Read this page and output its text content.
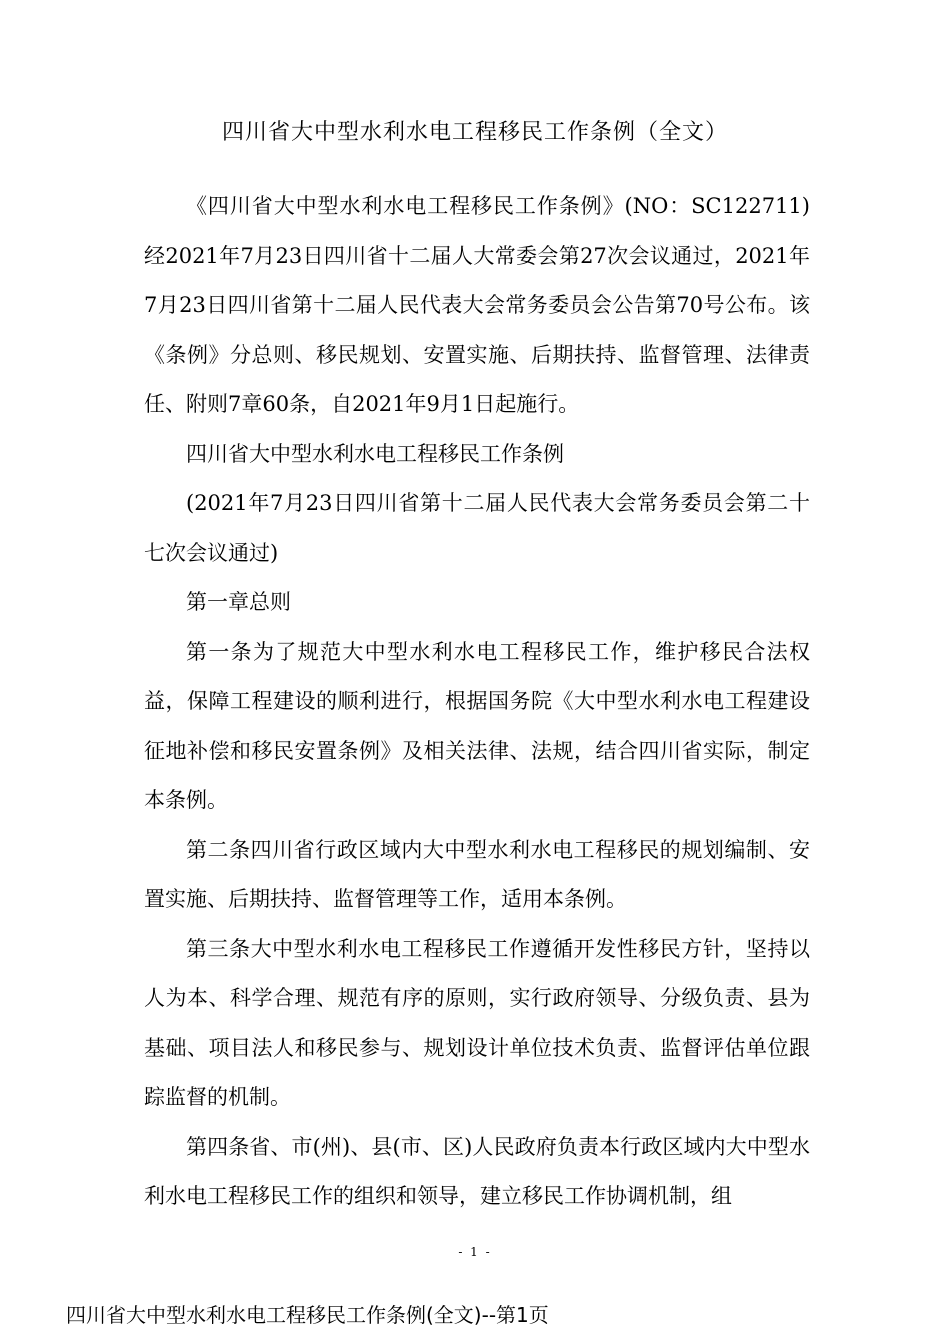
四川省大中型水利水电工程移民工作条例（全文）

《四川省大中型水利水电工程移民工作条例》(NO：SC122711)经2021年7月23日四川省十二届人大常委会第27次会议通过，2021年7月23日四川省第十二届人民代表大会常务委员会公告第70号公布。该《条例》分总则、移民规划、安置实施、后期扶持、监督管理、法律责任、附则7章60条，自2021年9月1日起施行。

四川省大中型水利水电工程移民工作条例

(2021年7月23日四川省第十二届人民代表大会常务委员会第二十七次会议通过)

第一章总则

第一条为了规范大中型水利水电工程移民工作，维护移民合法权益，保障工程建设的顺利进行，根据国务院《大中型水利水电工程建设征地补偿和移民安置条例》及相关法律、法规，结合四川省实际，制定本条例。

第二条四川省行政区域内大中型水利水电工程移民的规划编制、安置实施、后期扶持、监督管理等工作，适用本条例。

第三条大中型水利水电工程移民工作遵循开发性移民方针，坚持以人为本、科学合理、规范有序的原则，实行政府领导、分级负责、县为基础、项目法人和移民参与、规划设计单位技术负责、监督评估单位跟踪监督的机制。

第四条省、市(州)、县(市、区)人民政府负责本行政区域内大中型水利水电工程移民工作的组织和领导，建立移民工作协调机制，组

- 1 -

四川省大中型水利水电工程移民工作条例(全文)--第1页
